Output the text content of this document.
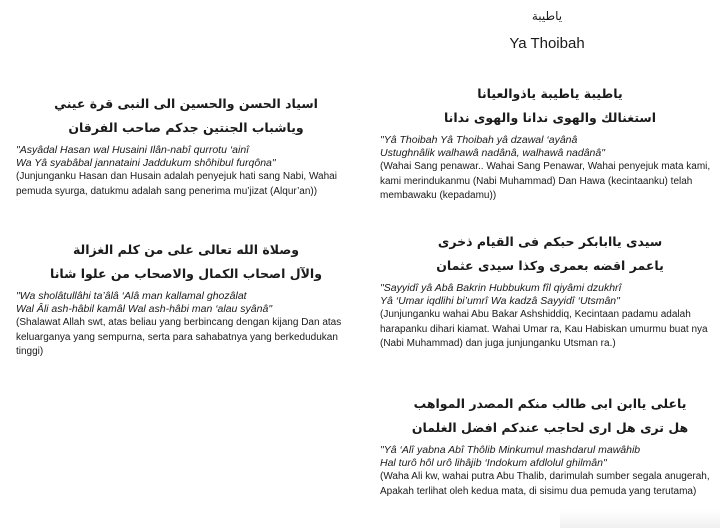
ياطيبة
Ya Thoibah
اسياد الحسن والحسين الى النبى قرة عيني
وياشباب الجنتين جدكم صاحب الفرقان
"Asyâdal Hasan wal Husaini Ilân-nabî qurrotu ‘ainî
Wa Yâ syabâbal jannataini Jaddukum shôhibul furqôna"
(Junjunganku Hasan dan Husain adalah penyejuk hati sang Nabi, Wahai pemuda syurga, datukmu adalah sang penerima mu’jizat (Alqur’an))
وصلاة الله تعالى على من كلم الغزالة
والآل اصحاب الكمال والاصحاب من علوا شانا
"Wa sholâtullâhi ta’âlâ ‘Alâ man kallamal ghozâlat
Wal Âli ash-hâbil kamâl Wal ash-hâbi man ‘alau syânâ"
(Shalawat Allah swt, atas beliau yang berbincang dengan kijang Dan atas keluarganya yang sempurna, serta para sahabatnya yang berkedudukan tinggi)
ياطيبة ياطيبة ياذوالعيانا
استغنالك والهوى ندانا والهوى ندانا
"Yâ Thoibah Yâ Thoibah yâ dzawal ‘ayânâ
Ustughnâlik walhawâ nadânâ, walhawâ nadânâ"
(Wahai Sang penawar.. Wahai Sang Penawar, Wahai penyejuk mata kami, kami merindukanmu (Nabi Muhammad) Dan Hawa (kecintaanku) telah membawaku (kepadamu))
سيدى ياابابكر حبكم فى القيام ذخرى
ياعمر اقضه بعمرى وكذا سيدى عثمان
"Sayyidî yâ Abâ Bakrin Hubbukum fîl qiyâmi dzukhrî
Yâ ‘Umar iqdlihi bi’umrî Wa kadzâ Sayyidî ‘Utsmân"
(Junjunganku wahai Abu Bakar Ashshiddiq, Kecintaan padamu adalah harapanku dihari kiamat. Wahai Umar ra, Kau Habiskan umurmu buat nya (Nabi Muhammad) dan juga junjunganku Utsman ra.)
ياعلى ياابن ابى طالب منكم المصدر المواهب
هل ترى هل ارى لحاجب عندكم افضل الغلمان
"Yâ ‘Alî yabna Abî Thôlib Minkumul mashdarul mawâhib
Hal turô hôl urô lihâjib ‘Indokum afdlolul ghilmân"
(Waha Ali kw, wahai putra Abu Thalib, darimulah sumber segala anugerah, Apakah terlihat oleh kedua mata, di sisimu dua pemuda yang terutama)
